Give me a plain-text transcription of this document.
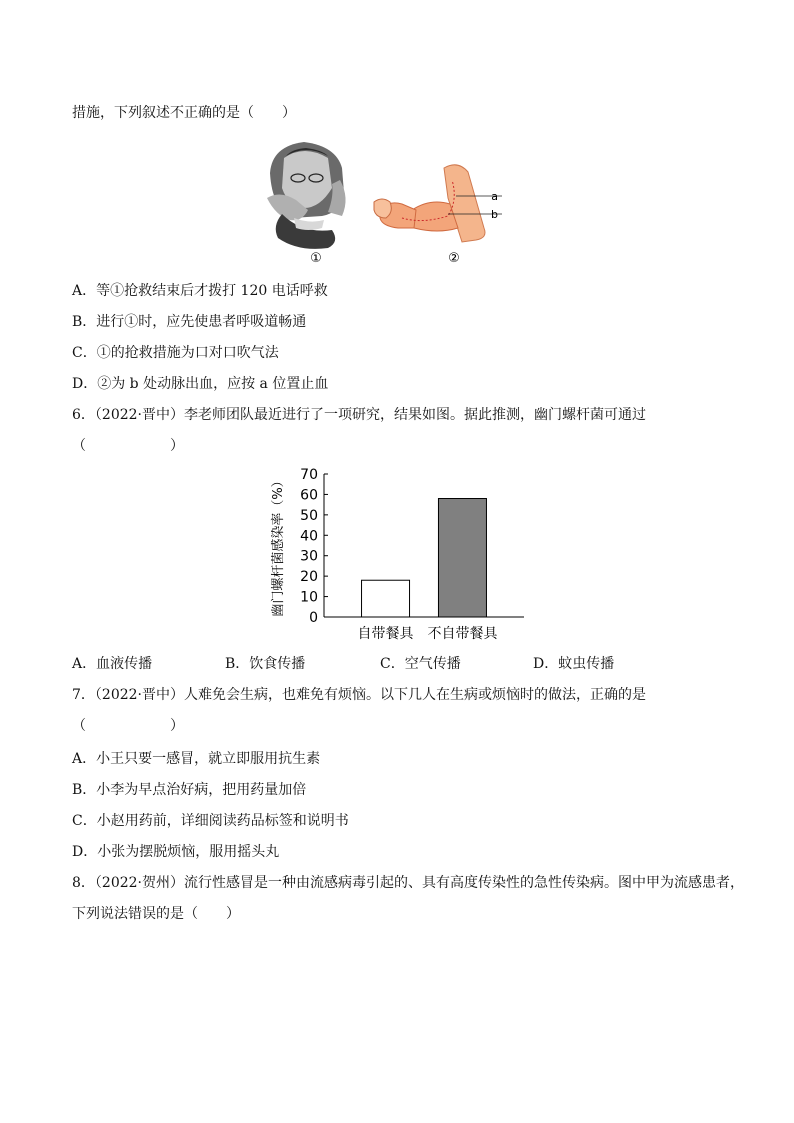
措施，下列叙述不正确的是（　　）
①
a
b
②
A．等①抢救结束后才拨打 120 电话呼救
B．进行①时，应先使患者呼吸道畅通
C．①的抢救措施为口对口吹气法
D．②为 b 处动脉出血，应按 a 位置止血
6．（2022·晋中）李老师团队最近进行了一项研究，结果如图。据此推测，幽门螺杆菌可通过
（　　　　　　）
0
10
20
30
40
50
60
70
自带餐具 不自带餐具
幽门螺杆菌感染率（%）
A．血液传播	B．饮食传播	C．空气传播	D．蚊虫传播
7．（2022·晋中）人难免会生病，也难免有烦恼。以下几人在生病或烦恼时的做法，正确的是
（　　　　　　）
A．小王只要一感冒，就立即服用抗生素
B．小李为早点治好病，把用药量加倍
C．小赵用药前，详细阅读药品标签和说明书
D．小张为摆脱烦恼，服用摇头丸
8．（2022·贺州）流行性感冒是一种由流感病毒引起的、具有高度传染性的急性传染病。图中甲为流感患者，
下列说法错误的是（　　）
